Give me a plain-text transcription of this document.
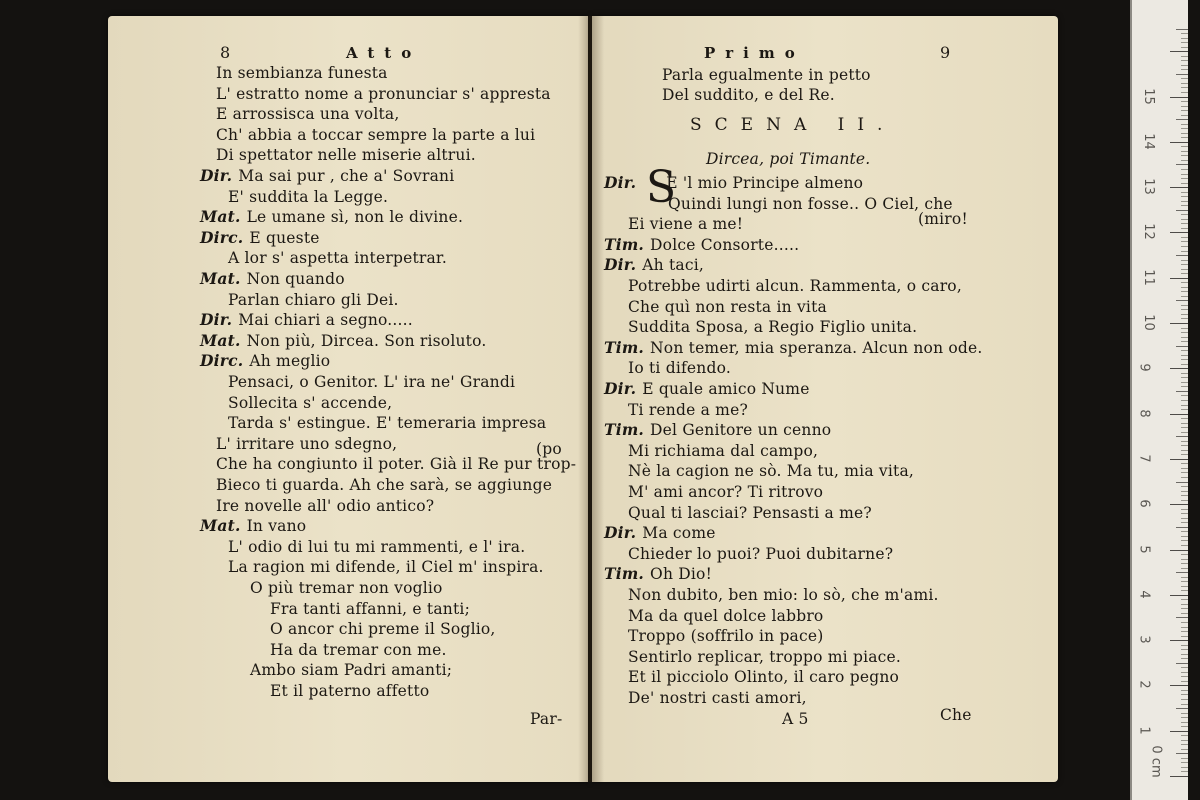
8	Atto
In sembianza funesta
L' estratto nome a pronunciar s' appresta
E arrossisca una volta,
Ch' abbia a toccar sempre la parte a lui
Di spettator nelle miserie altrui.
Dir. Ma sai pur , che a' Sovrani
E' suddita la Legge.
Mat. Le umane sì, non le divine.
Dirc. E queste
A lor s' aspetta interpetrar.
Mat. Non quando
Parlan chiaro gli Dei.
Dir. Mai chiari a segno.....
Mat. Non più, Dircea. Son risoluto.
Dirc. Ah meglio
Pensaci, o Genitor. L' ira ne' Grandi
Sollecita s' accende,
Tarda s' estingue. E' temeraria impresa
L' irritare uno sdegno,
Che ha congiunto il poter. Già il Re pur trop-
Bieco ti guarda. Ah che sarà, se aggiunge
Ire novelle all' odio antico?
Mat. In vano
L' odio di lui tu mi rammenti, e l' ira.
La ragion mi difende, il Ciel m' inspira.
O più tremar non voglio
Fra tanti affanni, e tanti;
O ancor chi preme il Soglio,
Ha da tremar con me.
Ambo siam Padri amanti;
Et il paterno affetto
(po
Par-
Primo	9
Parla egualmente in petto
Del suddito, e del Re.
SCENA II.
Dircea, poi Timante.
S
Dir. E 'l mio Principe almeno
Quindi lungi non fosse.. O Ciel, che
Ei viene a me!
Tim. Dolce Consorte.....
Dir. Ah taci,
Potrebbe udirti alcun. Rammenta, o caro,
Che quì non resta in vita
Suddita Sposa, a Regio Figlio unita.
Tim. Non temer, mia speranza. Alcun non ode.
Io ti difendo.
Dir. E quale amico Nume
Ti rende a me?
Tim. Del Genitore un cenno
Mi richiama dal campo,
Nè la cagion ne sò. Ma tu, mia vita,
M' ami ancor? Ti ritrovo
Qual ti lasciai? Pensasti a me?
Dir. Ma come
Chieder lo puoi? Puoi dubitarne?
Tim. Oh Dio!
Non dubito, ben mio: lo sò, che m'ami.
Ma da quel dolce labbro
Troppo (soffrilo in pace)
Sentirlo replicar, troppo mi piace.
Et il picciolo Olinto, il caro pegno
De' nostri casti amori,
(miro!
A 5	Che
0 cm
1
2
3
4
5
6
7
8
9
10
11
12
13
14
15
